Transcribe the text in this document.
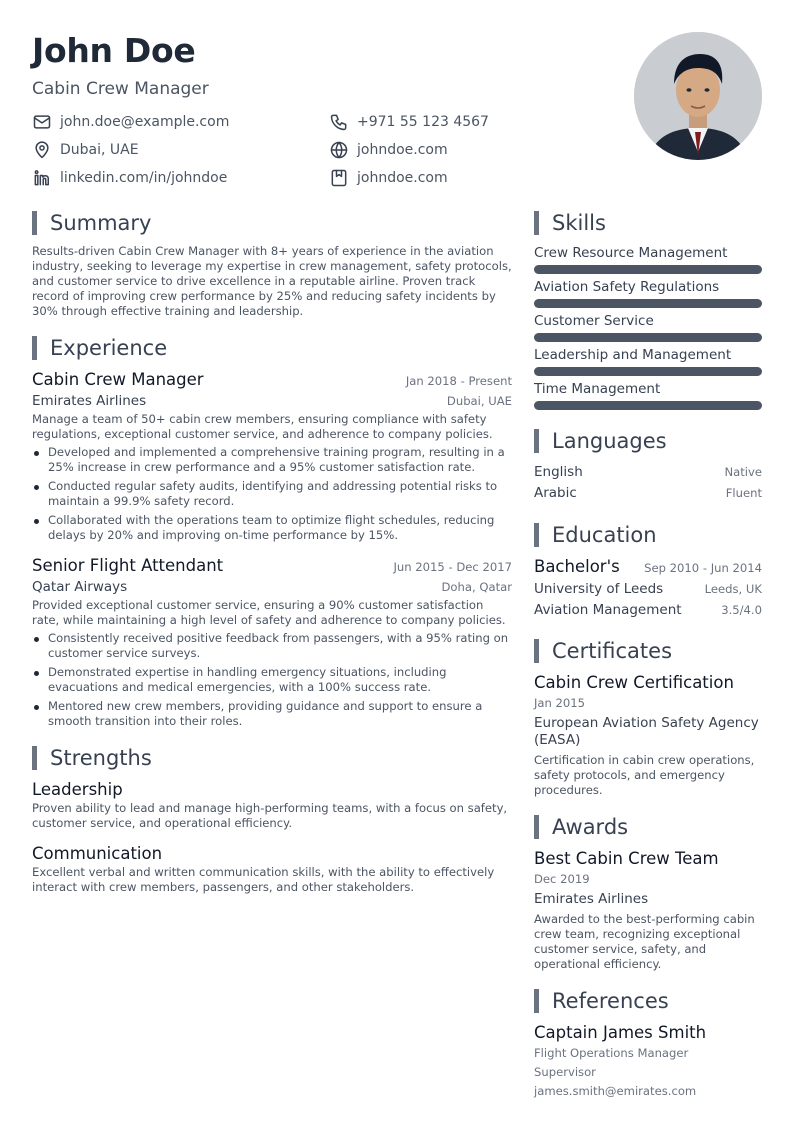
John Doe
Cabin Crew Manager
john.doe@example.com	+971 55 123 4567
Dubai, UAE	johndoe.com
linkedin.com/in/johndoe	johndoe.com
Summary
Results-driven Cabin Crew Manager with 8+ years of experience in the aviation industry, seeking to leverage my expertise in crew management, safety protocols, and customer service to drive excellence in a reputable airline. Proven track record of improving crew performance by 25% and reducing safety incidents by 30% through effective training and leadership.
Experience
Cabin Crew Manager	Jan 2018 - Present
Emirates Airlines	Dubai, UAE
Manage a team of 50+ cabin crew members, ensuring compliance with safety regulations, exceptional customer service, and adherence to company policies.
Developed and implemented a comprehensive training program, resulting in a 25% increase in crew performance and a 95% customer satisfaction rate.
Conducted regular safety audits, identifying and addressing potential risks to maintain a 99.9% safety record.
Collaborated with the operations team to optimize flight schedules, reducing delays by 20% and improving on-time performance by 15%.
Senior Flight Attendant	Jun 2015 - Dec 2017
Qatar Airways	Doha, Qatar
Provided exceptional customer service, ensuring a 90% customer satisfaction rate, while maintaining a high level of safety and adherence to company policies.
Consistently received positive feedback from passengers, with a 95% rating on customer service surveys.
Demonstrated expertise in handling emergency situations, including evacuations and medical emergencies, with a 100% success rate.
Mentored new crew members, providing guidance and support to ensure a smooth transition into their roles.
Strengths
Leadership
Proven ability to lead and manage high-performing teams, with a focus on safety, customer service, and operational efficiency.
Communication
Excellent verbal and written communication skills, with the ability to effectively interact with crew members, passengers, and other stakeholders.
Skills
Crew Resource Management
Aviation Safety Regulations
Customer Service
Leadership and Management
Time Management
Languages
English	Native
Arabic	Fluent
Education
Bachelor's Sep 2010 - Jun 2014
University of Leeds	Leeds, UK
Aviation Management	3.5/4.0
Certificates
Cabin Crew Certification
Jan 2015
European Aviation Safety Agency (EASA)
Certification in cabin crew operations, safety protocols, and emergency procedures.
Awards
Best Cabin Crew Team
Dec 2019
Emirates Airlines
Awarded to the best-performing cabin crew team, recognizing exceptional customer service, safety, and operational efficiency.
References
Captain James Smith
Flight Operations Manager
Supervisor
james.smith@emirates.com
